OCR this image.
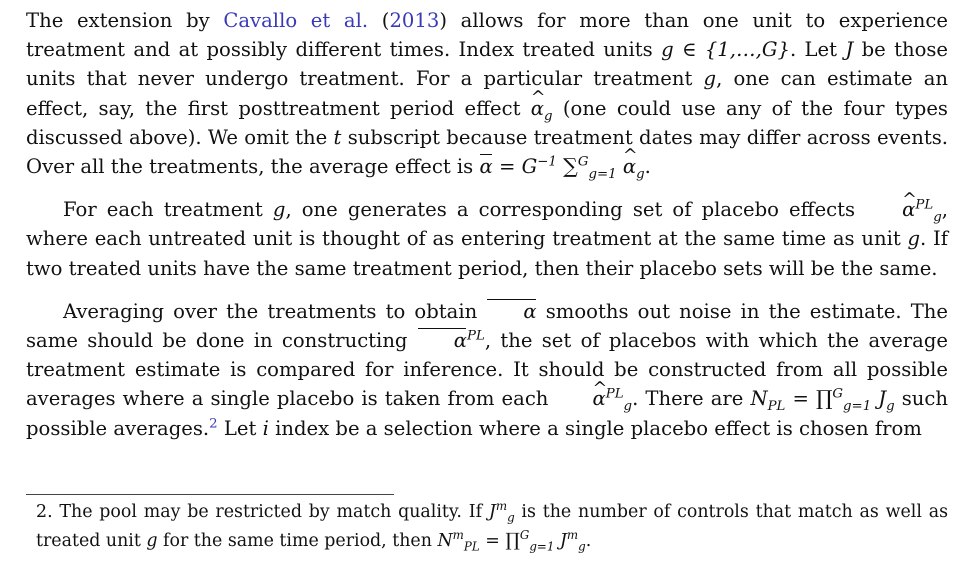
The extension by Cavallo et al. (2013) allows for more than one unit to experience treatment and at possibly different times. Index treated units g ∈ {1,…,G}. Let J be those units that never undergo treatment. For a particular treatment g, one can estimate an effect, say, the first posttreatment period effect ^ $\alpha_g$ (one could use any of the four types discussed above). We omit the t subscript because treatment dates may differ across events. Over all the treatments, the average effect is $\alpha = G^{-1}$ ∑$^G_{g=1}$ ^ $\alpha_g$.

For each treatment g, one generates a corresponding set of placebo effects ^ $\alpha^{PL}_g$, where each untreated unit is thought of as entering treatment at the same time as unit g. If two treated units have the same treatment period, then their placebo sets will be the same.

Averaging over the treatments to obtain α smooths out noise in the estimate. The same should be done in constructing $\alpha^{PL}$, the set of placebos with which the average treatment estimate is compared for inference. It should be constructed from all possible averages where a single placebo is taken from each ^ $\alpha^{PL}_g$. There are $N_{PL}$ = ∏$^G_{g=1}$ $J_g$ such possible averages.$^2$ Let i index be a selection where a single placebo effect is chosen from

2. The pool may be restricted by match quality. If $J^m_g$ is the number of controls that match as well as treated unit g for the same time period, then $N^m_{PL}$ = ∏$^G_{g=1}$ $J^m_g$.
